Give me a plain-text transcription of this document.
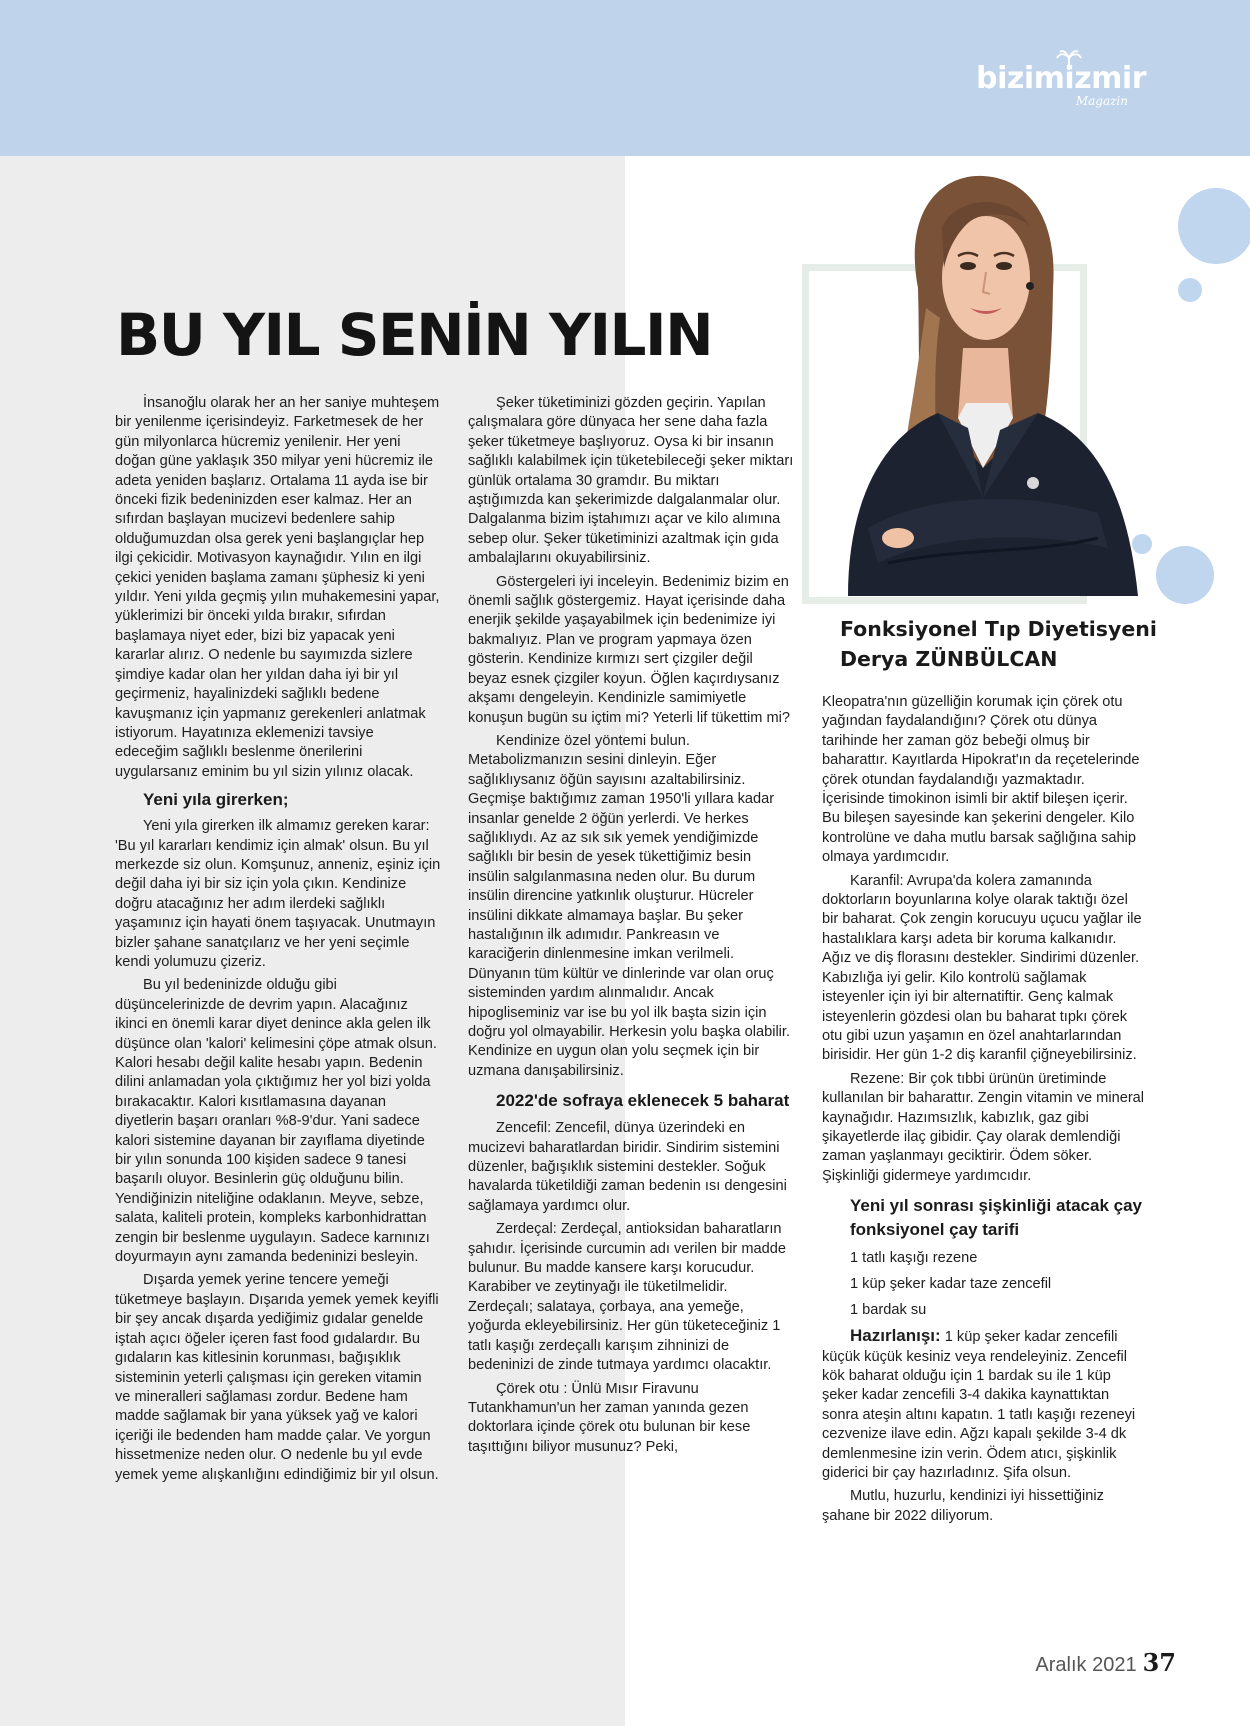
bizimizmir
Magazin
BU YIL SENİN YILIN

İnsanoğlu olarak her an her saniye muhteşem bir yenilenme içerisindeyiz. Farketmesek de her gün milyonlarca hücremiz yenilenir. Her yeni doğan güne yaklaşık 350 milyar yeni hücremiz ile adeta yeniden başlarız. Ortalama 11 ayda ise bir önceki fizik bedeninizden eser kalmaz. Her an sıfırdan başlayan mucizevi bedenlere sahip olduğumuzdan olsa gerek yeni başlangıçlar hep ilgi çekicidir. Motivasyon kaynağıdır. Yılın en ilgi çekici yeniden başlama zamanı şüphesiz ki yeni yıldır. Yeni yılda geçmiş yılın muhakemesini yapar, yüklerimizi bir önceki yılda bırakır, sıfırdan başlamaya niyet eder, bizi biz yapacak yeni kararlar alırız. O nedenle bu sayımızda sizlere şimdiye kadar olan her yıldan daha iyi bir yıl geçirmeniz, hayalinizdeki sağlıklı bedene kavuşmanız için yapmanız gerekenleri anlatmak istiyorum. Hayatınıza eklemenizi tavsiye edeceğim sağlıklı beslenme önerilerini uygularsanız eminim bu yıl sizin yılınız olacak.

Yeni yıla girerken;

Yeni yıla girerken ilk almamız gereken karar: 'Bu yıl kararları kendimiz için almak' olsun. Bu yıl merkezde siz olun. Komşunuz, anneniz, eşiniz için değil daha iyi bir siz için yola çıkın. Kendinize doğru atacağınız her adım ilerdeki sağlıklı yaşamınız için hayati önem taşıyacak. Unutmayın bizler şahane sanatçılarız ve her yeni seçimle kendi yolumuzu çizeriz.

Bu yıl bedeninizde olduğu gibi düşüncelerinizde de devrim yapın. Alacağınız ikinci en önemli karar diyet denince akla gelen ilk düşünce olan 'kalori' kelimesini çöpe atmak olsun. Kalori hesabı değil kalite hesabı yapın. Bedenin dilini anlamadan yola çıktığımız her yol bizi yolda bırakacaktır. Kalori kısıtlamasına dayanan diyetlerin başarı oranları %8-9'dur. Yani sadece kalori sistemine dayanan bir zayıflama diyetinde bir yılın sonunda 100 kişiden sadece 9 tanesi başarılı oluyor. Besinlerin güç olduğunu bilin. Yendiğinizin niteliğine odaklanın. Meyve, sebze, salata, kaliteli protein, kompleks karbonhidrattan zengin bir beslenme uygulayın. Sadece karnınızı doyurmayın aynı zamanda bedeninizi besleyin.

Dışarda yemek yerine tencere yemeği tüketmeye başlayın. Dışarıda yemek yemek keyifli bir şey ancak dışarda yediğimiz gıdalar genelde iştah açıcı öğeler içeren fast food gıdalardır. Bu gıdaların kas kitlesinin korunması, bağışıklık sisteminin yeterli çalışması için gereken vitamin ve mineralleri sağlaması zordur. Bedene ham madde sağlamak bir yana yüksek yağ ve kalori içeriği ile bedenden ham madde çalar. Ve yorgun hissetmenize neden olur. O nedenle bu yıl evde yemek yeme alışkanlığını edindiğimiz bir yıl olsun.

Şeker tüketiminizi gözden geçirin. Yapılan çalışmalara göre dünyaca her sene daha fazla şeker tüketmeye başlıyoruz. Oysa ki bir insanın sağlıklı kalabilmek için tüketebileceği şeker miktarı günlük ortalama 30 gramdır. Bu miktarı aştığımızda kan şekerimizde dalgalanmalar olur. Dalgalanma bizim iştahımızı açar ve kilo alımına sebep olur. Şeker tüketiminizi azaltmak için gıda ambalajlarını okuyabilirsiniz.

Göstergeleri iyi inceleyin. Bedenimiz bizim en önemli sağlık göstergemiz. Hayat içerisinde daha enerjik şekilde yaşayabilmek için bedenimize iyi bakmalıyız. Plan ve program yapmaya özen gösterin. Kendinize kırmızı sert çizgiler değil beyaz esnek çizgiler koyun. Öğlen kaçırdıysanız akşamı dengeleyin. Kendinizle samimiyetle konuşun bugün su içtim mi? Yeterli lif tükettim mi?

Kendinize özel yöntemi bulun. Metabolizmanızın sesini dinleyin. Eğer sağlıklıysanız öğün sayısını azaltabilirsiniz. Geçmişe baktığımız zaman 1950'li yıllara kadar insanlar genelde 2 öğün yerlerdi. Ve herkes sağlıklıydı. Az az sık sık yemek yendiğimizde sağlıklı bir besin de yesek tükettiğimiz besin insülin salgılanmasına neden olur. Bu durum insülin direncine yatkınlık oluşturur. Hücreler insülini dikkate almamaya başlar. Bu şeker hastalığının ilk adımıdır. Pankreasın ve karaciğerin dinlenmesine imkan verilmeli. Dünyanın tüm kültür ve dinlerinde var olan oruç sisteminden yardım alınmalıdır. Ancak hipogliseminiz var ise bu yol ilk başta sizin için doğru yol olmayabilir. Herkesin yolu başka olabilir. Kendinize en uygun olan yolu seçmek için bir uzmana danışabilirsiniz.

2022'de sofraya eklenecek 5 baharat

Zencefil: Zencefil, dünya üzerindeki en mucizevi baharatlardan biridir. Sindirim sistemini düzenler, bağışıklık sistemini destekler. Soğuk havalarda tüketildiği zaman bedenin ısı dengesini sağlamaya yardımcı olur.

Zerdeçal: Zerdeçal, antioksidan baharatların şahıdır. İçerisinde curcumin adı verilen bir madde bulunur. Bu madde kansere karşı korucudur. Karabiber ve zeytinyağı ile tüketilmelidir. Zerdeçalı; salataya, çorbaya, ana yemeğe, yoğurda ekleyebilirsiniz. Her gün tüketeceğiniz 1 tatlı kaşığı zerdeçallı karışım zihninizi de bedeninizi de zinde tutmaya yardımcı olacaktır.

Çörek otu : Ünlü Mısır Firavunu Tutankhamun'un her zaman yanında gezen doktorlara içinde çörek otu bulunan bir kese taşıttığını biliyor musunuz? Peki,

Fonksiyonel Tıp Diyetisyeni
Derya ZÜNBÜLCAN

Kleopatra'nın güzelliğin korumak için çörek otu yağından faydalandığını? Çörek otu dünya tarihinde her zaman göz bebeği olmuş bir baharattır. Kayıtlarda Hipokrat'ın da reçetelerinde çörek otundan faydalandığı yazmaktadır. İçerisinde timokinon isimli bir aktif bileşen içerir. Bu bileşen sayesinde kan şekerini dengeler. Kilo kontrolüne ve daha mutlu barsak sağlığına sahip olmaya yardımcıdır.

Karanfil: Avrupa'da kolera zamanında doktorların boyunlarına kolye olarak taktığı özel bir baharat. Çok zengin korucuyu uçucu yağlar ile hastalıklara karşı adeta bir koruma kalkanıdır. Ağız ve diş florasını destekler. Sindirimi düzenler. Kabızlığa iyi gelir. Kilo kontrolü sağlamak isteyenler için iyi bir alternatiftir. Genç kalmak isteyenlerin gözdesi olan bu baharat tıpkı çörek otu gibi uzun yaşamın en özel anahtarlarından birisidir. Her gün 1-2 diş karanfil çiğneyebilirsiniz.

Rezene: Bir çok tıbbi ürünün üretiminde kullanılan bir baharattır. Zengin vitamin ve mineral kaynağıdır. Hazımsızlık, kabızlık, gaz gibi şikayetlerde ilaç gibidir. Çay olarak demlendiği zaman yaşlanmayı geciktirir. Ödem söker. Şişkinliği gidermeye yardımcıdır.

Yeni yıl sonrası şişkinliği atacak çay fonksiyonel çay tarifi

1 tatlı kaşığı rezene

1 küp şeker kadar taze zencefil

1 bardak su

Hazırlanışı: 1 küp şeker kadar zencefili küçük küçük kesiniz veya rendeleyiniz. Zencefil kök baharat olduğu için 1 bardak su ile 1 küp şeker kadar zencefili 3-4 dakika kaynattıktan sonra ateşin altını kapatın. 1 tatlı kaşığı rezeneyi cezvenize ilave edin. Ağzı kapalı şekilde 3-4 dk demlenmesine izin verin. Ödem atıcı, şişkinlik giderici bir çay hazırladınız. Şifa olsun.

Mutlu, huzurlu, kendinizi iyi hissettiğiniz şahane bir 2022 diliyorum.

Aralık 2021 37
